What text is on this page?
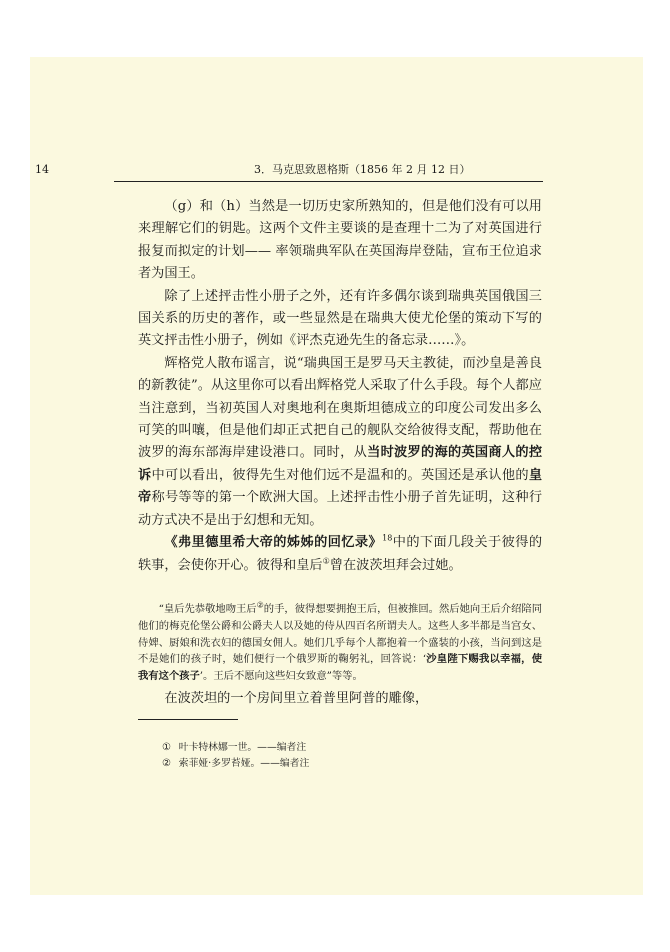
14	3．马克思致恩格斯（1856 年 2 月 12 日）

（g）和（h）当然是一切历史家所熟知的，但是他们没有可以用来理解它们的钥匙。这两个文件主要谈的是查理十二为了对英国进行报复而拟定的计划—— 率领瑞典军队在英国海岸登陆，宣布王位追求者为国王。

除了上述抨击性小册子之外，还有许多偶尔谈到瑞典英国俄国三国关系的历史的著作，或一些显然是在瑞典大使尤伦堡的策动下写的英文抨击性小册子，例如《评杰克逊先生的备忘录……》。

辉格党人散布谣言，说“瑞典国王是罗马天主教徒，而沙皇是善良的新教徒”。从这里你可以看出辉格党人采取了什么手段。每个人都应当注意到，当初英国人对奥地利在奥斯坦德成立的印度公司发出多么可笑的叫嚷，但是他们却正式把自己的舰队交给彼得支配，帮助他在波罗的海东部海岸建设港口。同时，从当时波罗的海的英国商人的控诉中可以看出，彼得先生对他们远不是温和的。英国还是承认他的皇帝称号等等的第一个欧洲大国。上述抨击性小册子首先证明，这种行动方式决不是出于幻想和无知。

《弗里德里希大帝的姊姊的回忆录》$^{18}$中的下面几段关于彼得的轶事，会使你开心。彼得和皇后①曾在波茨坦拜会过她。

“皇后先恭敬地吻王后②的手，彼得想要拥抱王后，但被推回。然后她向王后介绍陪同他们的梅克伦堡公爵和公爵夫人以及她的侍从四百名所谓夫人。这些人多半都是当宫女、侍婢、厨娘和洗衣妇的德国女佣人。她们几乎每个人都抱着一个盛装的小孩，当问到这是不是她们的孩子时，她们便行一个俄罗斯的鞠躬礼，回答说：‘沙皇陛下赐我以幸福，使我有这个孩子’。王后不愿向这些妇女致意”等等。

在波茨坦的一个房间里立着普里阿普的雕像，

① 叶卡特林娜一世。——编者注
② 索菲娅·多罗苔娅。——编者注
